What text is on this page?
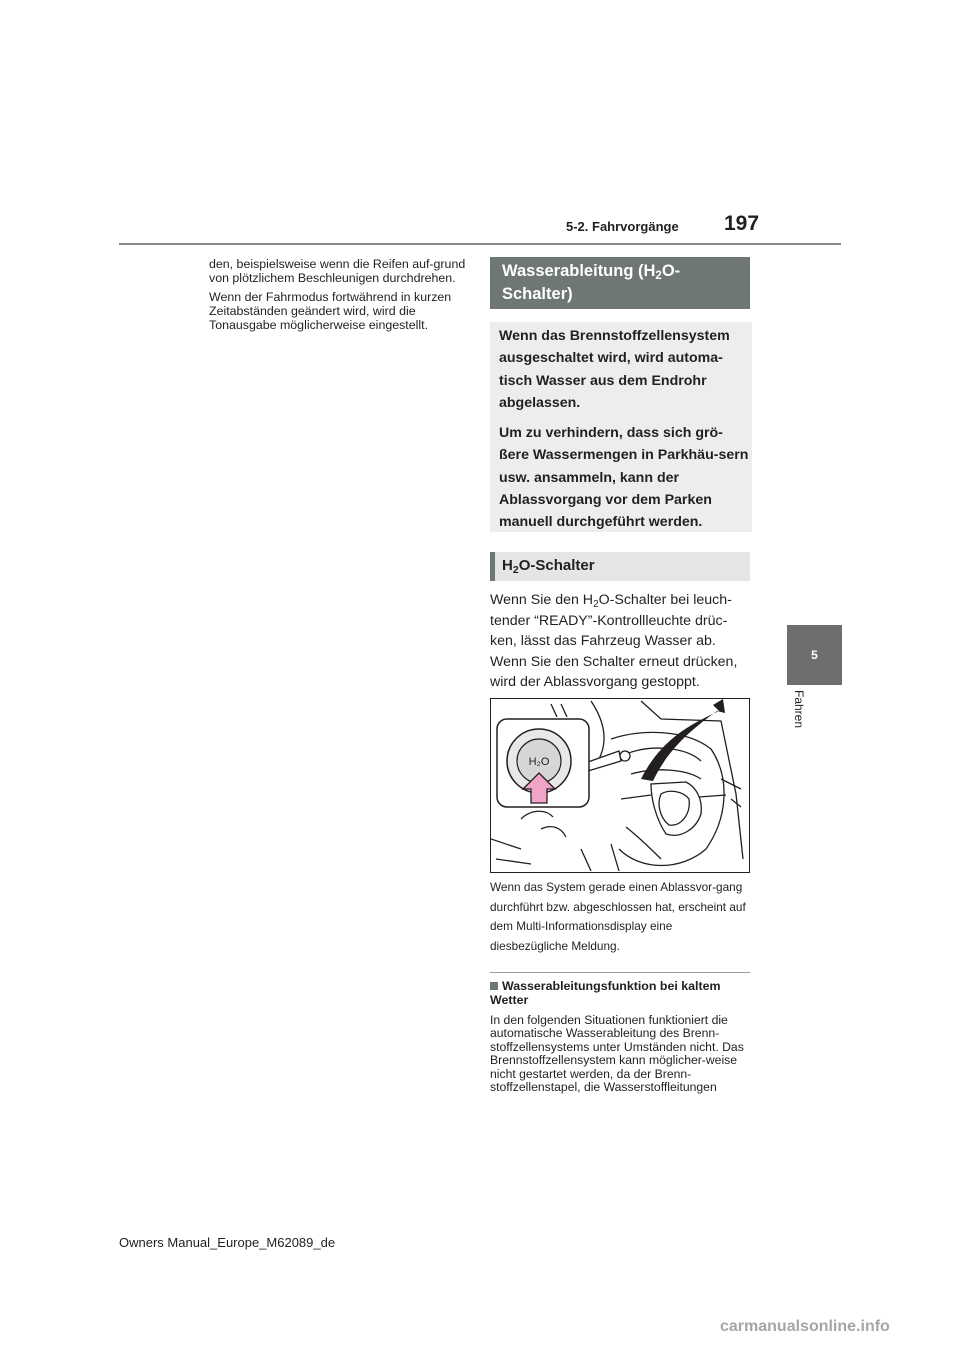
197
5-2. Fahrvorgänge
5
Fahren

den, beispielsweise wenn die Reifen auf-grund von plötzlichem Beschleunigen durchdrehen.

Wenn der Fahrmodus fortwährend in kurzen Zeitabständen geändert wird, wird die Tonausgabe möglicherweise eingestellt.

Wasserableitung $(H_2O-Schalter)$

Wenn das Brennstoffzellensystem ausgeschaltet wird, wird automa-tisch Wasser aus dem Endrohr abgelassen.

Um zu verhindern, dass sich grö-ßere Wassermengen in Parkhäu-sern usw. ansammeln, kann der Ablassvorgang vor dem Parken manuell durchgeführt werden.

$H_2O$-Schalter
Wenn Sie den $H_2O$-Schalter bei leuch-tender “READY”-Kontrollleuchte drüc-ken, lässt das Fahrzeug Wasser ab. Wenn Sie den Schalter erneut drücken, wird der Ablassvorgang gestoppt.
H₂O
Wenn das System gerade einen Ablassvor-gang durchführt bzw. abgeschlossen hat, erscheint auf dem Multi-Informationsdisplay eine diesbezügliche Meldung.
Wasserableitungsfunktion bei kaltem Wetter
In den folgenden Situationen funktioniert die automatische Wasserableitung des Brenn-stoffzellensystems unter Umständen nicht. Das Brennstoffzellensystem kann möglicher-weise nicht gestartet werden, da der Brenn-stoffzellenstapel, die Wasserstoffleitungen
Owners Manual_Europe_M62089_de
carmanualsonline.info
